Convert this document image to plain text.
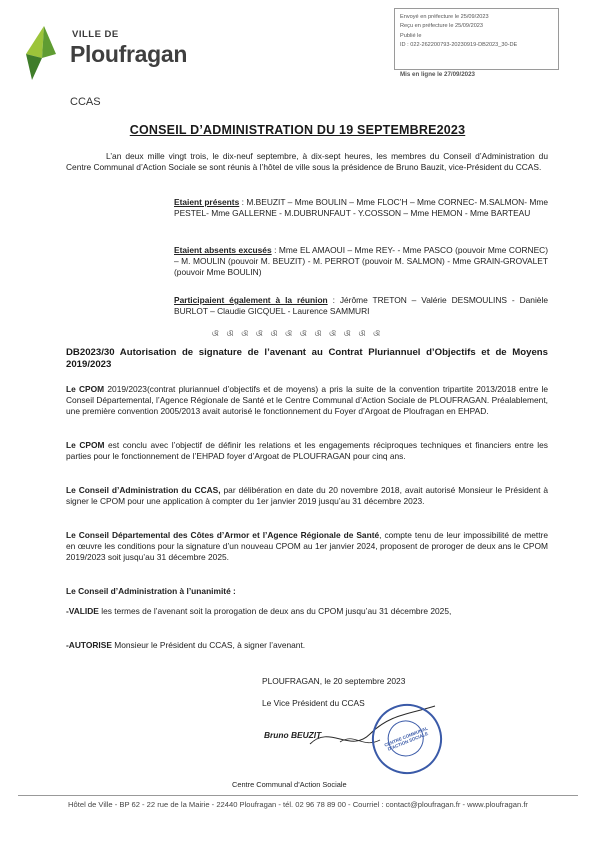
VILLE DE
Ploufragan
CCAS
Envoyé en préfecture le 25/09/2023
Reçu en préfecture le 25/09/2023
Publié le
ID : 022-262200793-20230919-DB2023_30-DE
Mis en ligne le 27/09/2023
CONSEIL D’ADMINISTRATION DU 19 SEPTEMBRE2023
L’an deux mille vingt trois, le dix-neuf septembre, à dix-sept heures, les membres du Conseil d’Administration du Centre Communal d’Action Sociale se sont réunis à l’hôtel de ville sous la présidence de Bruno Bauzit, vice-Président du CCAS.
Etaient présents : M.BEUZIT – Mme BOULIN – Mme FLOC’H – Mme CORNEC- M.SALMON- Mme PESTEL- Mme GALLERNE - M.DUBRUNFAUT - Y.COSSON – Mme HEMON - Mme BARTEAU
Etaient absents excusés : Mme EL AMAOUI – Mme REY- - Mme PASCO (pouvoir Mme CORNEC) – M. MOULIN (pouvoir M. BEUZIT) - M. PERROT (pouvoir M. SALMON) - Mme GRAIN-GROVALET (pouvoir Mme BOULIN)
Participaient également à la réunion : Jérôme TRETON – Valérie DESMOULINS - Danièle BURLOT – Claudie GICQUEL - Laurence SAMMURI
ଔ ଔ ଔ ଔ ଔ ଔ ଔ ଔ ଔ ଔ ଔ ଔ
DB2023/30 Autorisation de signature de l’avenant au Contrat Pluriannuel d’Objectifs et de Moyens 2019/2023
Le CPOM 2019/2023(contrat pluriannuel d’objectifs et de moyens) a pris la suite de la convention tripartite 2013/2018 entre le Conseil Départemental, l’Agence Régionale de Santé et le Centre Communal d’Action Sociale de PLOUFRAGAN. Préalablement, une première convention 2005/2013 avait autorisé le fonctionnement du Foyer d’Argoat de Ploufragan en EHPAD.
Le CPOM est conclu avec l’objectif de définir les relations et les engagements réciproques techniques et financiers entre les parties pour le fonctionnement de l’EHPAD foyer d’Argoat de PLOUFRAGAN pour cinq ans.
Le Conseil d’Administration du CCAS, par délibération en date du 20 novembre 2018, avait autorisé Monsieur le Président à signer le CPOM pour une application à compter du 1er janvier 2019 jusqu’au 31 décembre 2023.
Le Conseil Départemental des Côtes d’Armor et l’Agence Régionale de Santé, compte tenu de leur impossibilité de mettre en œuvre les conditions pour la signature d’un nouveau CPOM au 1er janvier 2024, proposent de proroger de deux ans le CPOM 2019/2023 soit jusqu’au 31 décembre 2025.
Le Conseil d’Administration à l’unanimité :
-VALIDE les termes de l’avenant soit la prorogation de deux ans du CPOM jusqu’au 31 décembre 2025,
-AUTORISE Monsieur le Président du CCAS, à signer l’avenant.
PLOUFRAGAN, le 20 septembre 2023
Le Vice Président du CCAS
Bruno BEUZIT	CENTRE COMMUNAL D’ACTION SOCIALE
Centre Communal d’Action Sociale
Hôtel de Ville - BP 62 - 22 rue de la Mairie - 22440 Ploufragan - tél. 02 96 78 89 00 - Courriel : contact@ploufragan.fr - www.ploufragan.fr
